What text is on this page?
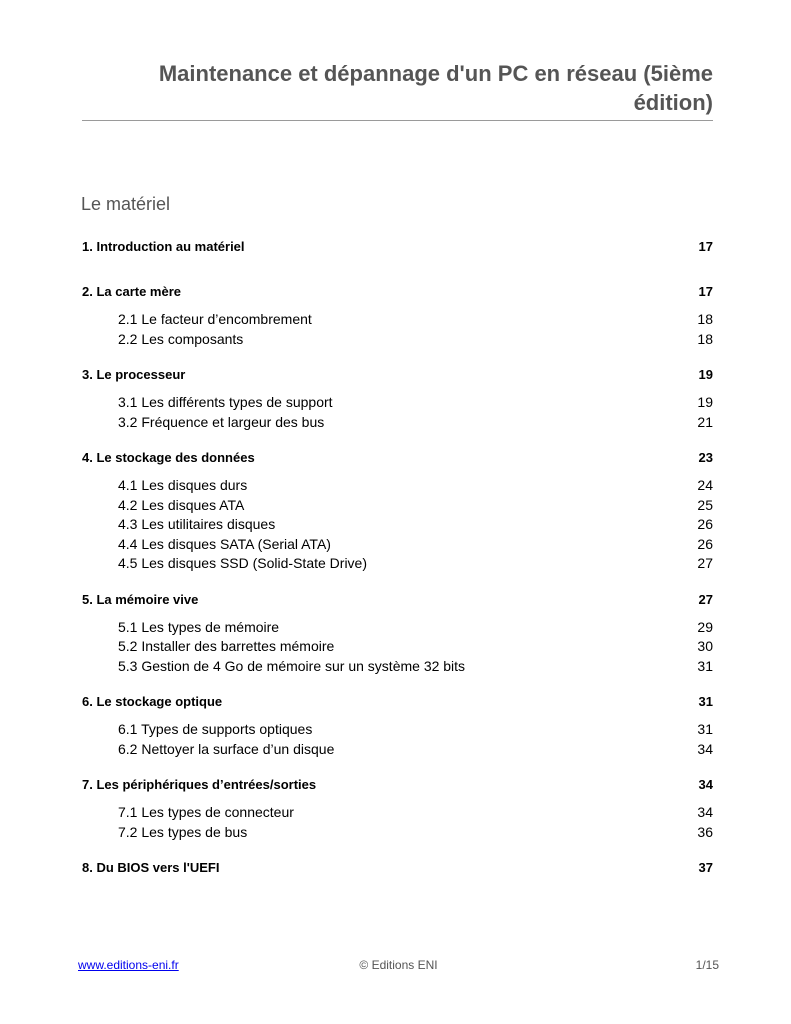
Maintenance et dépannage d'un PC en réseau (5ième édition)
Le matériel
1. Introduction au matériel	17
2. La carte mère	17
2.1 Le facteur d’encombrement	18
2.2 Les composants	18
3. Le processeur	19
3.1 Les différents types de support	19
3.2 Fréquence et largeur des bus	21
4. Le stockage des données	23
4.1 Les disques durs	24
4.2 Les disques ATA	25
4.3 Les utilitaires disques	26
4.4 Les disques SATA (Serial ATA)	26
4.5 Les disques SSD (Solid-State Drive)	27
5. La mémoire vive	27
5.1 Les types de mémoire	29
5.2 Installer des barrettes mémoire	30
5.3 Gestion de 4 Go de mémoire sur un système 32 bits	31
6. Le stockage optique	31
6.1 Types de supports optiques	31
6.2 Nettoyer la surface d’un disque	34
7. Les périphériques d’entrées/sorties	34
7.1 Les types de connecteur	34
7.2 Les types de bus	36
8. Du BIOS vers l'UEFI	37
www.editions-eni.fr	© Editions ENI	1/15
